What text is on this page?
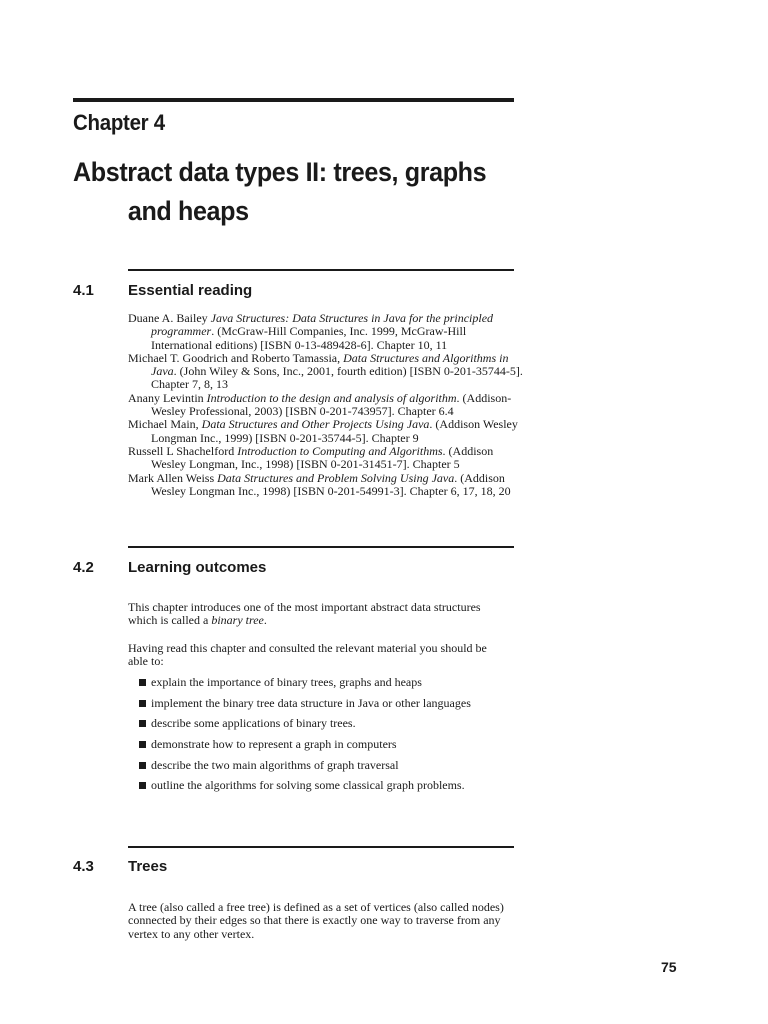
Chapter 4
Abstract data types II: trees, graphs
and heaps
4.1 Essential reading

Duane A. Bailey Java Structures: Data Structures in Java for the principled programmer. (McGraw-Hill Companies, Inc. 1999, McGraw-Hill International editions) [ISBN 0-13-489428-6]. Chapter 10, 11

Michael T. Goodrich and Roberto Tamassia, Data Structures and Algorithms in Java. (John Wiley & Sons, Inc., 2001, fourth edition) [ISBN 0-201-35744-5]. Chapter 7, 8, 13

Anany Levintin Introduction to the design and analysis of algorithm. (Addison-Wesley Professional, 2003) [ISBN 0-201-743957]. Chapter 6.4

Michael Main, Data Structures and Other Projects Using Java. (Addison Wesley Longman Inc., 1999) [ISBN 0-201-35744-5]. Chapter 9

Russell L Shachelford Introduction to Computing and Algorithms. (Addison Wesley Longman, Inc., 1998) [ISBN 0-201-31451-7]. Chapter 5

Mark Allen Weiss Data Structures and Problem Solving Using Java. (Addison Wesley Longman Inc., 1998) [ISBN 0-201-54991-3]. Chapter 6, 17, 18, 20

4.2 Learning outcomes

This chapter introduces one of the most important abstract data structures which is called a binary tree.

Having read this chapter and consulted the relevant material you should be able to:

explain the importance of binary trees, graphs and heaps
implement the binary tree data structure in Java or other languages
describe some applications of binary trees.
demonstrate how to represent a graph in computers
describe the two main algorithms of graph traversal
outline the algorithms for solving some classical graph problems.
4.3 Trees

A tree (also called a free tree) is defined as a set of vertices (also called nodes) connected by their edges so that there is exactly one way to traverse from any vertex to any other vertex.

75
